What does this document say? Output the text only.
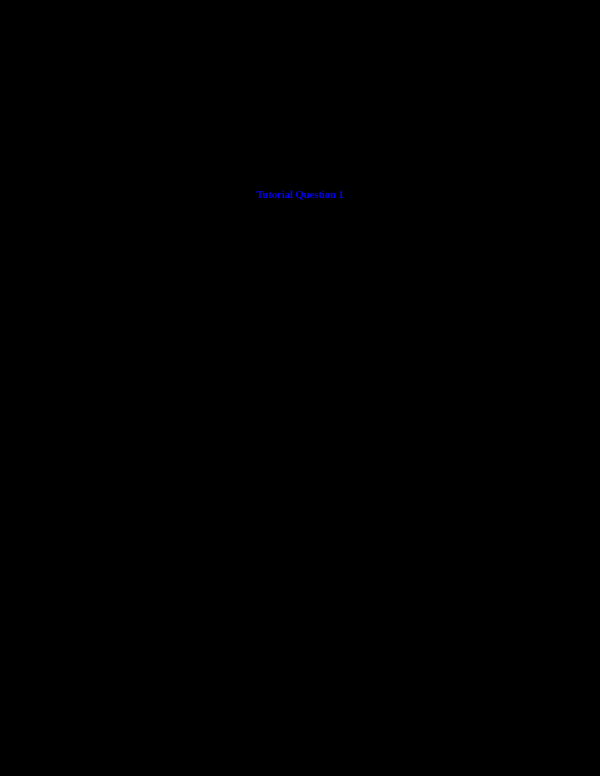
Tutorial Question 1
